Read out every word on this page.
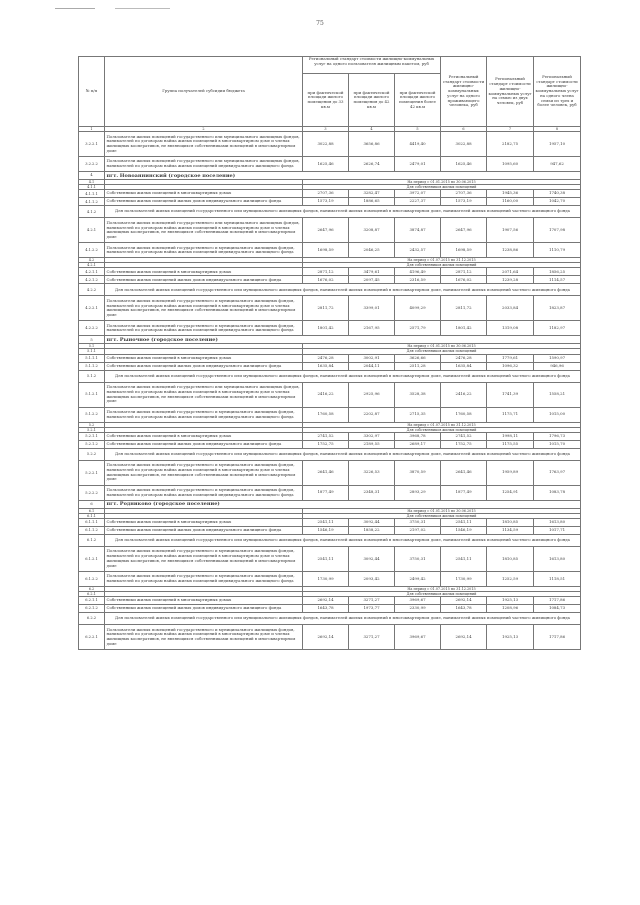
75
№ п/п	Группа получателей субсидии бюджета	Региональный стандарт стоимости жилищно-коммунальных услуг на одного пользователя жилищным пакетом, руб			Региональный стандарт стоимости жилищно-коммунальных услуг на одного проживающего человека, руб	Региональный стандарт стоимости жилищно-коммунальных услуг на семью из двух человек, руб	Региональный стандарт стоимости жилищно-коммунальных услуг на одного члена семьи из трех и более человек, руб
		при фактической площади жилого помещения до 33 кв.м	при фактической площади жилого помещения до 42 кв.м	при фактической площади жилого помещения более 42 кв.м			
1	2	3	4	5	6	7	8
3.2.2.1	Пользователи жилых помещений государственного или муниципального жилищных фондов, нанимателей по договорам найма жилых помещений в многоквартирном доме и членах жилищных кооперативов, не являющихся собственниками помещений в многоквартирном доме	3022,88	3656,86	4419,40	3022,88	2182,75	1957,10
3.2.2.2	Пользователи жилых помещений государственного или муниципального жилищных фондов, нанимателей по договорам найма жилых помещений индивидуального жилищного фонда	1625,46	2626,74	2479,01	1625,46	1095,60	947,62
4	пгт. Новоаннинский (городское поселение)						
4.1		На период с 01.01.2015 по 30.06.2015					
4.1.1		Для собственников жилых помещений					
4.1.1.1	Собственники жилых помещений в многоквартирных домах	2707,36	3282,47	3972,07	2707,36	1945,36	1740,38
4.1.1.2	Собственники жилых помещений жилых домов индивидуального жилищного фонда	1573,19	1886,65	2227,37	1573,19	1160,00	1042,70
4.1.2	Для пользователей жилых помещений государственного или муниципального жилищных фондов, нанимателей жилых помещений в многоквартирном доме, нанимателей жилых помещений частного жилищного фонда						
4.2.1	Пользователи жилых помещений государственного или муниципального жилищных фондов, нанимателей по договорам найма жилых помещений в многоквартирном доме и членах жилищных кооперативов, не являющихся собственниками помещений в многоквартирном доме	2647,96	3208,87	3874,87	2647,96	1907,56	1707,98
4.1.2.2	Пользователи жилых помещений государственного и муниципального жилищных фондов, нанимателей по договорам найма жилых помещений индивидуального жилищного фонда	1698,59	2046,25	2432,57	1698,59	1238,86	1110,79
4.2		На период с 01.07.2015 по 31.12.2015					
4.2.1		Для собственников жилых помещений					
4.2.1.1	Собственники жилых помещений в многоквартирных домах	2871,12	3479,61	4196,49	2871,12	2071,64	1856,25
4.2.1.2	Собственники жилых помещений жилых домов индивидуального жилищного фонда	1676,02	2097,45	2316,59	1676,02	1239,28	1114,57
4.2.2	Для пользователей жилых помещений государственного или муниципального жилищных фондов, нанимателей жилых помещений в многоквартирном доме, нанимателей жилых помещений частного жилищного фонда						
4.2.2.1	Пользователи жилых помещений государственного и муниципального жилищных фондов, нанимателей по договорам найма жилых помещений в многоквартирном доме и членах жилищных кооперативов, не являющихся собственниками помещений в многоквартирном доме	2811,72	3399,01	4099,29	2811,72	2033,84	1823,87
4.2.2.2	Пользователи жилых помещений государственного и муниципального жилищных фондов, нанимателей по договорам найма жилых помещений индивидуального жилищного фонда	1801,42	2167,95	2571,79	1801,42	1319,08	1182,97
5	пгт. Рыночное (городское поселение)						
5.1		На период с 01.01.2015 по 30.06.2015					
5.1.1		Для собственников жилых помещений					
5.1.1.1	Собственники жилых помещений в многоквартирных домах	2476,28	3002,91	3626,66	2476,28	1779,61	1590,97
5.1.1.2	Собственники жилых помещений жилых домов индивидуального жилищного фонда	1635,84	2044,11	2511,28	1635,84	1096,32	946,96
5.1.2	Для пользователей жилых помещений государственного или муниципального жилищных фондов, нанимателей жилых помещений в многоквартирном доме, нанимателей жилых помещений частного жилищного фонда						
5.1.2.1	Пользователи жилых помещений государственного или муниципального жилищных фондов, нанимателей по договорам найма жилых помещений в многоквартирном доме и членах жилищных кооперативов, не являющихся собственниками помещений в многоквартирном доме	2416,22	2925,96	3528,38	2416,22	1741,39	1558,21
5.1.2.2	Пользователи жилых помещений государственного и муниципального жилищных фондов, нанимателей по договорам найма жилых помещений индивидуального жилищного фонда	1760,58	2202,87	2715,35	1760,58	1175,71	1015,00
5.2		На период с 01.07.2015 по 31.12.2015					
5.2.1		Для собственников жилых помещений					
5.2.1.1	Собственники жилых помещений в многоквартирных домах	2741,52	3302,97	3968,78	2741,52	1998,11	1796,73
5.2.1.2	Собственники жилых помещений жилых домов индивидуального жилищного фонда	1752,75	2189,55	2689,17	1752,75	1175,55	1015,70
5.2.2	Для пользователей жилых помещений государственного или муниципального жилищных фондов, нанимателей жилых помещений в многоквартирном доме, нанимателей жилых помещений частного жилищного фонда						
5.2.2.1	Пользователи жилых помещений государственного и муниципального жилищных фондов, нанимателей по договорам найма жилых помещений в многоквартирном доме и членах жилищных кооперативов, не являющихся собственниками помещений в многоквартирном доме	2641,46	3226,53	3870,59	2641,46	1959,89	1763,97
5.2.2.2	Пользователи жилых помещений государственного и муниципального жилищных фондов, нанимателей по договорам найма жилых помещений индивидуального жилищного фонда	1877,49	2348,31	2893,29	1877,49	1254,91	1083,78
6	пгт. Родниково (городское поселение)						
6.1		На период с 01.01.2015 по 30.06.2015					
6.1.1		Для собственников жилых помещений					
6.1.1.1	Собственники жилых помещений в многоквартирных домах	2541,11	3092,44	3750,31	2541,11	1810,85	1613,80
6.1.1.2	Собственники жилых помещений жилых домов индивидуального жилищного фонда	1546,19	1858,22	2197,02	1546,19	1134,59	1017,71
6.1.2	Для пользователей жилых помещений государственного или муниципального жилищных фондов, нанимателей жилых помещений в многоквартирном доме, нанимателей жилых помещений частного жилищного фонда						
6.1.2.1	Пользователи жилых помещений государственного и муниципального жилищных фондов, нанимателей по договорам найма жилых помещений в многоквартирном доме и членах жилищных кооперативов, не являющихся собственниками помещений в многоквартирном доме	2541,11	3092,44	3750,31	2541,11	1810,85	1613,80
6.1.2.2	Пользователи жилых помещений государственного и муниципального жилищных фондов, нанимателей по договорам найма жилых помещений индивидуального жилищного фонда	1730,99	2093,42	2499,42	1730,99	1252,59	1118,51
6.2		На период с 01.07.2015 по 31.12.2015					
6.2.1		Для собственников жилых помещений					
6.2.1.1	Собственники жилых помещений в многоквартирных домах	2692,14	3271,27	3969,67	2692,14	1925,13	1717,86
6.2.1.2	Собственники жилых помещений жилых домов индивидуального жилищного фонда	1643,78	1973,77	2330,99	1643,78	1208,96	1084,73
6.2.2	Для пользователей жилых помещений государственного или муниципального жилищных фондов, нанимателей жилых помещений в многоквартирном доме, нанимателей жилых помещений частного жилищного фонда						
6.2.2.1	Пользователи жилых помещений государственного и муниципального жилищных фондов, нанимателей по договорам найма жилых помещений в многоквартирном доме и членах жилищных кооперативов, не являющихся собственниками помещений в многоквартирном доме	2692,14	3271,27	3969,67	2692,14	1925,13	1717,86
